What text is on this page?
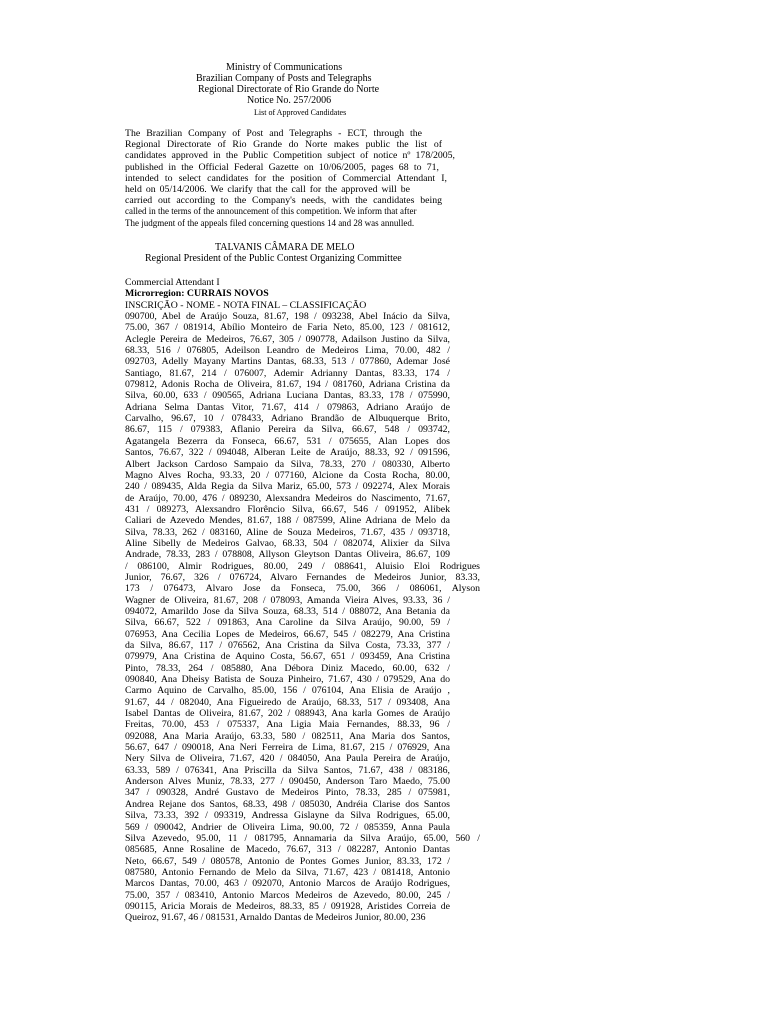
Ministry of Communications
Brazilian Company of Posts and Telegraphs
Regional Directorate of Rio Grande do Norte
Notice No. 257/2006
List of Approved Candidates
The Brazilian Company of Post and Telegraphs - ECT, through the
Regional Directorate of Rio Grande do Norte makes public the list of
candidates approved in the Public Competition subject of notice nº 178/2005,
published in the Official Federal Gazette on 10/06/2005, pages 68 to 71,
intended to select candidates for the position of Commercial Attendant I,
held on 05/14/2006. We clarify that the call for the approved will be
carried out according to the Company's needs, with the candidates being
called in the terms of the announcement of this competition. We inform that after
The judgment of the appeals filed concerning questions 14 and 28 was annulled.
TALVANIS CÂMARA DE MELO
Regional President of the Public Contest Organizing Committee
Commercial Attendant I
Microrregion: CURRAIS NOVOS
INSCRIÇÃO - NOME - NOTA FINAL – CLASSIFICAÇÃO
090700, Abel de Araújo Souza, 81.67, 198 / 093238, Abel Inácio da Silva,
75.00, 367 / 081914, Abílio Monteiro de Faria Neto, 85.00, 123 / 081612,
Aclegle Pereira de Medeiros, 76.67, 305 / 090778, Adailson Justino da Silva,
68.33, 516 / 076805, Adeilson Leandro de Medeiros Lima, 70.00, 482 /
092703, Adelly Mayany Martins Dantas, 68.33, 513 / 077860, Ademar José
Santiago, 81.67, 214 / 076007, Ademir Adrianny Dantas, 83.33, 174 /
079812, Adonis Rocha de Oliveira, 81.67, 194 / 081760, Adriana Cristina da
Silva, 60.00, 633 / 090565, Adriana Luciana Dantas, 83.33, 178 / 075990,
Adriana Selma Dantas Vitor, 71.67, 414 / 079863, Adriano Araújo de
Carvalho, 96.67, 10 / 078433, Adriano Brandão de Albuquerque Brito,
86.67, 115 / 079383, Aflanio Pereira da Silva, 66.67, 548 / 093742,
Agatangela Bezerra da Fonseca, 66.67, 531 / 075655, Alan Lopes dos
Santos, 76.67, 322 / 094048, Alberan Leite de Araújo, 88.33, 92 / 091596,
Albert Jackson Cardoso Sampaio da Silva, 78.33, 270 / 080330, Alberto
Magno Alves Rocha, 93.33, 20 / 077160, Alcione da Costa Rocha, 80.00,
240 / 089435, Alda Regia da Silva Mariz, 65.00, 573 / 092274, Alex Morais
de Araújo, 70.00, 476 / 089230, Alexsandra Medeiros do Nascimento, 71.67,
431 / 089273, Alexsandro Florêncio Silva, 66.67, 546 / 091952, Alibek
Caliari de Azevedo Mendes, 81.67, 188 / 087599, Aline Adriana de Melo da
Silva, 78.33, 262 / 083160, Aline de Souza Medeiros, 71.67, 435 / 093718,
Aline Sibelly de Medeiros Galvao, 68.33, 504 / 082074, Alixier da Silva
Andrade, 78.33, 283 / 078808, Allyson Gleytson Dantas Oliveira, 86.67, 109
/ 086100, Almir Rodrigues, 80.00, 249 / 088641, Aluisio Eloi Rodrigues
Junior, 76.67, 326 / 076724, Alvaro Fernandes de Medeiros Junior, 83.33,
173 / 076473, Alvaro Jose da Fonseca, 75.00, 366 / 086061, Alyson
Wagner de Oliveira, 81.67, 208 / 078093, Amanda Vieira Alves, 93.33, 36 /
094072, Amarildo Jose da Silva Souza, 68.33, 514 / 088072, Ana Betania da
Silva, 66.67, 522 / 091863, Ana Caroline da Silva Araújo, 90.00, 59 /
076953, Ana Cecilia Lopes de Medeiros, 66.67, 545 / 082279, Ana Cristina
da Silva, 86.67, 117 / 076562, Ana Cristina da Silva Costa, 73.33, 377 /
079979, Ana Cristina de Aquino Costa, 56.67, 651 / 093459, Ana Cristina
Pinto, 78.33, 264 / 085880, Ana Débora Diniz Macedo, 60.00, 632 /
090840, Ana Dheisy Batista de Souza Pinheiro, 71.67, 430 / 079529, Ana do
Carmo Aquino de Carvalho, 85.00, 156 / 076104, Ana Elisia de Araújo ,
91.67, 44 / 082040, Ana Figueiredo de Araújo, 68.33, 517 / 093408, Ana
Isabel Dantas de Oliveira, 81.67, 202 / 088943, Ana karla Gomes de Araújo
Freitas, 70.00, 453 / 075337, Ana Ligia Maia Fernandes, 88.33, 96 /
092088, Ana Maria Araújo, 63.33, 580 / 082511, Ana Maria dos Santos,
56.67, 647 / 090018, Ana Neri Ferreira de Lima, 81.67, 215 / 076929, Ana
Nery Silva de Oliveira, 71.67, 420 / 084050, Ana Paula Pereira de Araújo,
63.33, 589 / 076341, Ana Priscilla da Silva Santos, 71.67, 438 / 083186,
Anderson Alves Muniz, 78.33, 277 / 090450, Anderson Taro Maedo, 75.00
347 / 090328, André Gustavo de Medeiros Pinto, 78.33, 285 / 075981,
Andrea Rejane dos Santos, 68.33, 498 / 085030, Andréia Clarise dos Santos
Silva, 73.33, 392 / 093319, Andressa Gislayne da Silva Rodrigues, 65.00,
569 / 090042, Andrier de Oliveira Lima, 90.00, 72 / 085359, Anna Paula
Silva Azevedo, 95.00, 11 / 081795, Annamaria da Silva Araújo, 65.00, 560 /
085685, Anne Rosaline de Macedo, 76.67, 313 / 082287, Antonio Dantas
Neto, 66.67, 549 / 080578, Antonio de Pontes Gomes Junior, 83.33, 172 /
087580, Antonio Fernando de Melo da Silva, 71.67, 423 / 081418, Antonio
Marcos Dantas, 70.00, 463 / 092070, Antonio Marcos de Araújo Rodrigues,
75.00, 357 / 083410, Antonio Marcos Medeiros de Azevedo, 80.00, 245 /
090115, Aricia Morais de Medeiros, 88.33, 85 / 091928, Aristides Correia de
Queiroz, 91.67, 46 / 081531, Arnaldo Dantas de Medeiros Junior, 80.00, 236
